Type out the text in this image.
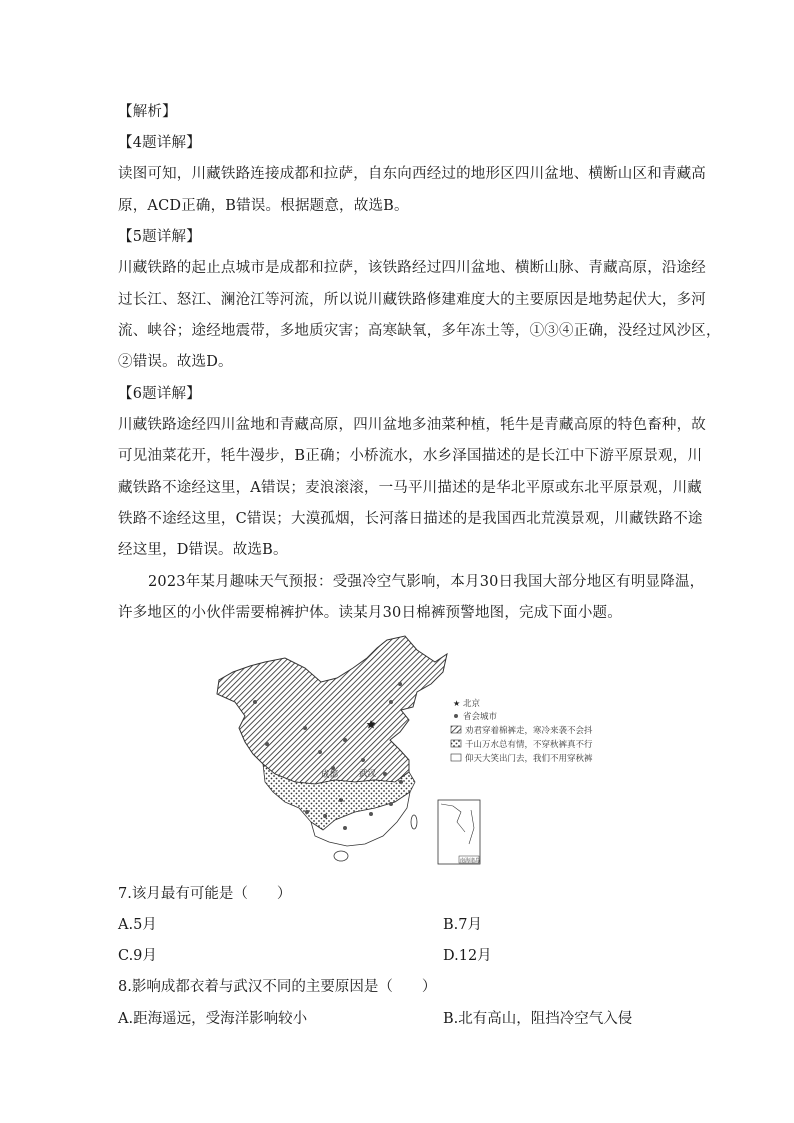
【解析】
【4题详解】
读图可知，川藏铁路连接成都和拉萨，自东向西经过的地形区四川盆地、横断山区和青藏高
原，ACD正确，B错误。根据题意，故选B。
【5题详解】
川藏铁路的起止点城市是成都和拉萨，该铁路经过四川盆地、横断山脉、青藏高原，沿途经
过长江、怒江、澜沧江等河流，所以说川藏铁路修建难度大的主要原因是地势起伏大，多河
流、峡谷；途经地震带，多地质灾害；高寒缺氧，多年冻土等，①③④正确，没经过风沙区，
②错误。故选D。
【6题详解】
川藏铁路途经四川盆地和青藏高原，四川盆地多油菜种植，牦牛是青藏高原的特色畜种，故
可见油菜花开，牦牛漫步，B正确；小桥流水，水乡泽国描述的是长江中下游平原景观，川
藏铁路不途经这里，A错误；麦浪滚滚，一马平川描述的是华北平原或东北平原景观，川藏
铁路不途经这里，C错误；大漠孤烟，长河落日描述的是我国西北荒漠景观，川藏铁路不途
经这里，D错误。故选B。
2023年某月趣味天气预报：受强冷空气影响，本月30日我国大部分地区有明显降温，
许多地区的小伙伴需要棉裤护体。读某月30日棉裤预警地图，完成下面小题。
成都 武汉
南海诸岛
★ 北京
省会城市
劝君穿着棉裤走，寒冷来袭不会抖
千山万水总有情，不穿秋裤真不行
仰天大笑出门去，我们不用穿秋裤
7.该月最有可能是（　　）
A.5月	B.7月
C.9月	D.12月
8.影响成都衣着与武汉不同的主要原因是（　　）
A.距海遥远，受海洋影响较小	B.北有高山，阻挡冷空气入侵
